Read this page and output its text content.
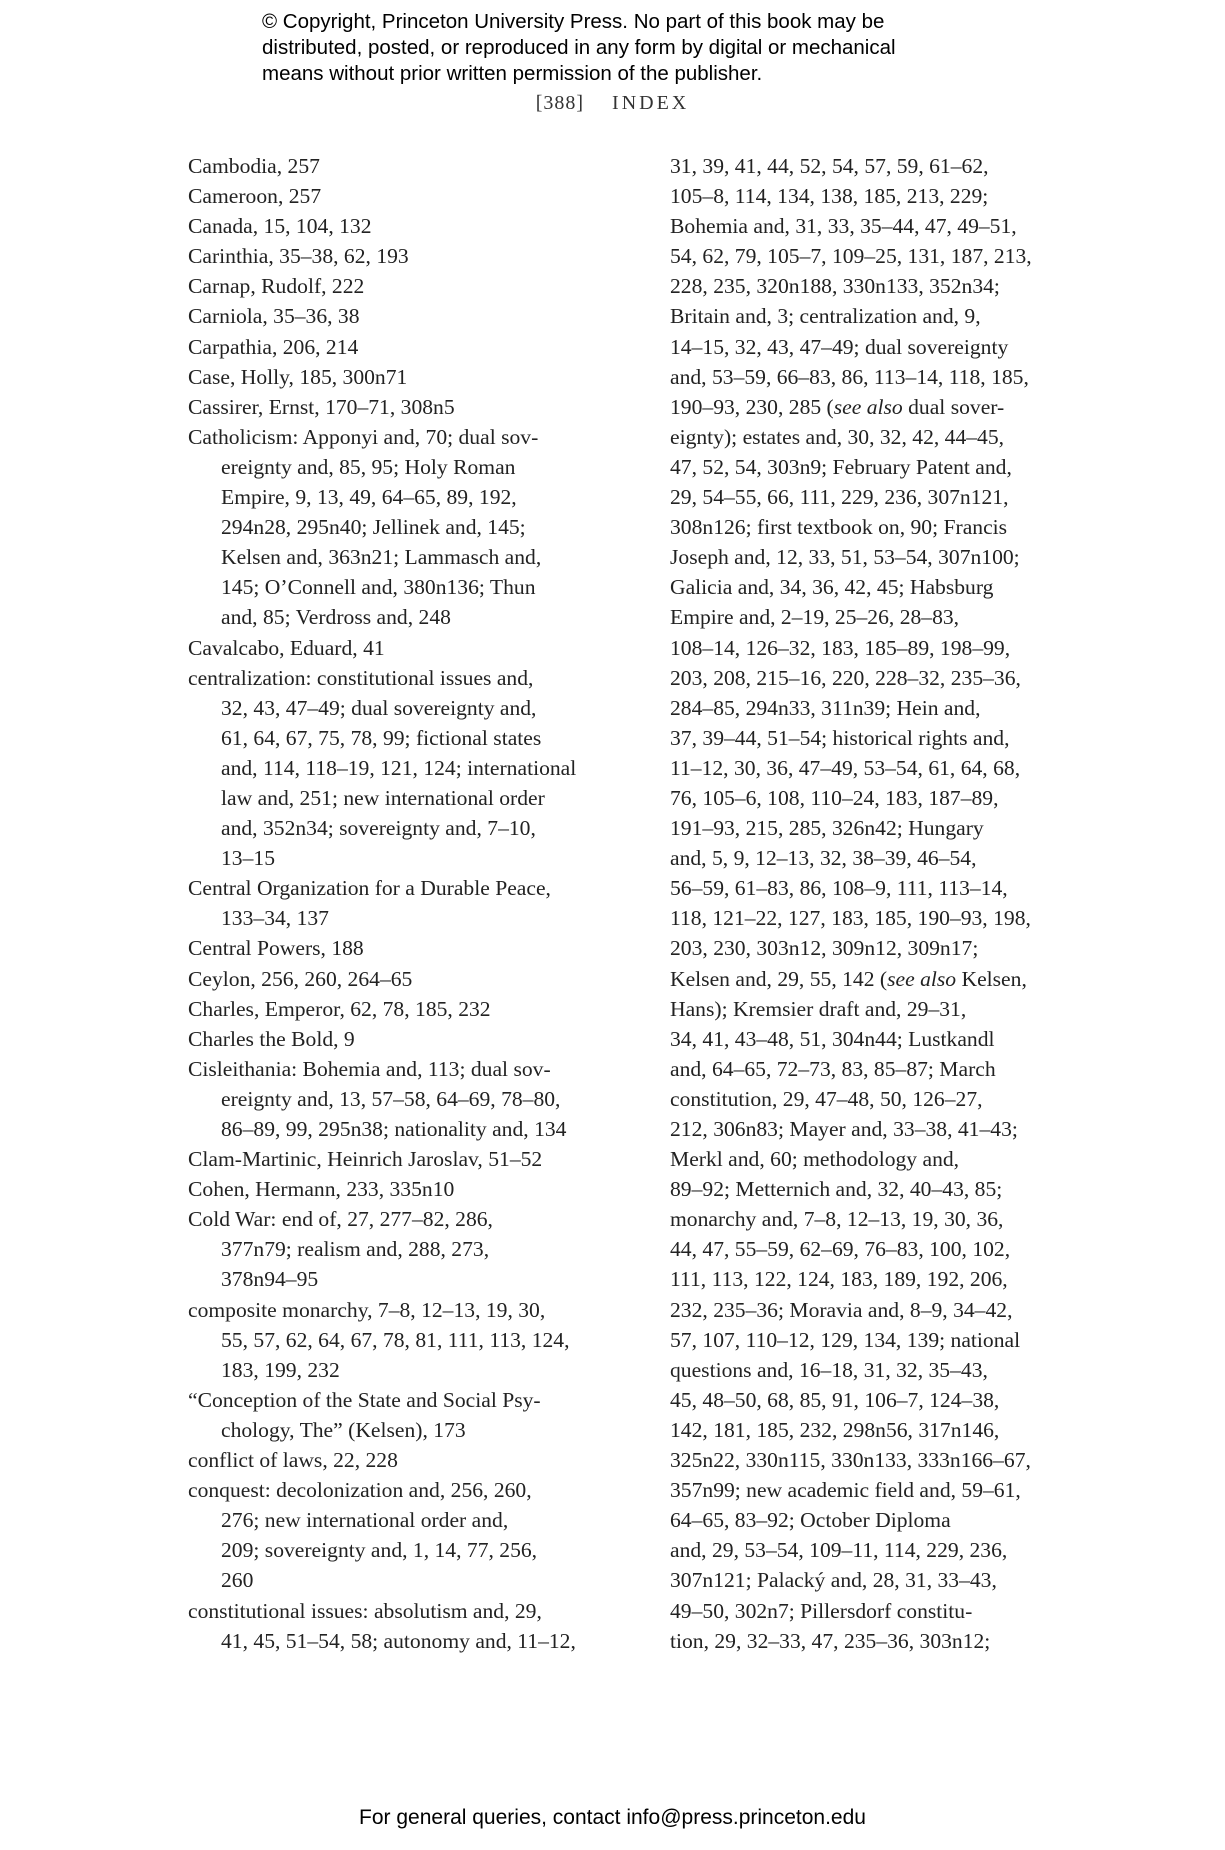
© Copyright, Princeton University Press. No part of this book may be
distributed, posted, or reproduced in any form by digital or mechanical
means without prior written permission of the publisher.
[388] INDEX

Cambodia, 257

Cameroon, 257

Canada, 15, 104, 132

Carinthia, 35–38, 62, 193

Carnap, Rudolf, 222

Carniola, 35–36, 38

Carpathia, 206, 214

Case, Holly, 185, 300n71

Cassirer, Ernst, 170–71, 308n5

Catholicism: Apponyi and, 70; dual sov-

ereignty and, 85, 95; Holy Roman

Empire, 9, 13, 49, 64–65, 89, 192,

294n28, 295n40; Jellinek and, 145;

Kelsen and, 363n21; Lammasch and,

145; O’Connell and, 380n136; Thun

and, 85; Verdross and, 248

Cavalcabo, Eduard, 41

centralization: constitutional issues and,

32, 43, 47–49; dual sovereignty and,

61, 64, 67, 75, 78, 99; fictional states

and, 114, 118–19, 121, 124; international

law and, 251; new international order

and, 352n34; sovereignty and, 7–10,

13–15

Central Organization for a Durable Peace,

133–34, 137

Central Powers, 188

Ceylon, 256, 260, 264–65

Charles, Emperor, 62, 78, 185, 232

Charles the Bold, 9

Cisleithania: Bohemia and, 113; dual sov-

ereignty and, 13, 57–58, 64–69, 78–80,

86–89, 99, 295n38; nationality and, 134

Clam-Martinic, Heinrich Jaroslav, 51–52

Cohen, Hermann, 233, 335n10

Cold War: end of, 27, 277–82, 286,

377n79; realism and, 288, 273,

378n94–95

composite monarchy, 7–8, 12–13, 19, 30,

55, 57, 62, 64, 67, 78, 81, 111, 113, 124,

183, 199, 232

“Conception of the State and Social Psy-

chology, The” (Kelsen), 173

conflict of laws, 22, 228

conquest: decolonization and, 256, 260,

276; new international order and,

209; sovereignty and, 1, 14, 77, 256,

260

constitutional issues: absolutism and, 29,

41, 45, 51–54, 58; autonomy and, 11–12,

31, 39, 41, 44, 52, 54, 57, 59, 61–62,

105–8, 114, 134, 138, 185, 213, 229;

Bohemia and, 31, 33, 35–44, 47, 49–51,

54, 62, 79, 105–7, 109–25, 131, 187, 213,

228, 235, 320n188, 330n133, 352n34;

Britain and, 3; centralization and, 9,

14–15, 32, 43, 47–49; dual sovereignty

and, 53–59, 66–83, 86, 113–14, 118, 185,

190–93, 230, 285 (see also dual sover-

eignty); estates and, 30, 32, 42, 44–45,

47, 52, 54, 303n9; February Patent and,

29, 54–55, 66, 111, 229, 236, 307n121,

308n126; first textbook on, 90; Francis

Joseph and, 12, 33, 51, 53–54, 307n100;

Galicia and, 34, 36, 42, 45; Habsburg

Empire and, 2–19, 25–26, 28–83,

108–14, 126–32, 183, 185–89, 198–99,

203, 208, 215–16, 220, 228–32, 235–36,

284–85, 294n33, 311n39; Hein and,

37, 39–44, 51–54; historical rights and,

11–12, 30, 36, 47–49, 53–54, 61, 64, 68,

76, 105–6, 108, 110–24, 183, 187–89,

191–93, 215, 285, 326n42; Hungary

and, 5, 9, 12–13, 32, 38–39, 46–54,

56–59, 61–83, 86, 108–9, 111, 113–14,

118, 121–22, 127, 183, 185, 190–93, 198,

203, 230, 303n12, 309n12, 309n17;

Kelsen and, 29, 55, 142 (see also Kelsen,

Hans); Kremsier draft and, 29–31,

34, 41, 43–48, 51, 304n44; Lustkandl

and, 64–65, 72–73, 83, 85–87; March

constitution, 29, 47–48, 50, 126–27,

212, 306n83; Mayer and, 33–38, 41–43;

Merkl and, 60; methodology and,

89–92; Metternich and, 32, 40–43, 85;

monarchy and, 7–8, 12–13, 19, 30, 36,

44, 47, 55–59, 62–69, 76–83, 100, 102,

111, 113, 122, 124, 183, 189, 192, 206,

232, 235–36; Moravia and, 8–9, 34–42,

57, 107, 110–12, 129, 134, 139; national

questions and, 16–18, 31, 32, 35–43,

45, 48–50, 68, 85, 91, 106–7, 124–38,

142, 181, 185, 232, 298n56, 317n146,

325n22, 330n115, 330n133, 333n166–67,

357n99; new academic field and, 59–61,

64–65, 83–92; October Diploma

and, 29, 53–54, 109–11, 114, 229, 236,

307n121; Palacký and, 28, 31, 33–43,

49–50, 302n7; Pillersdorf constitu-

tion, 29, 32–33, 47, 235–36, 303n12;

For general queries, contact info@press.princeton.edu
